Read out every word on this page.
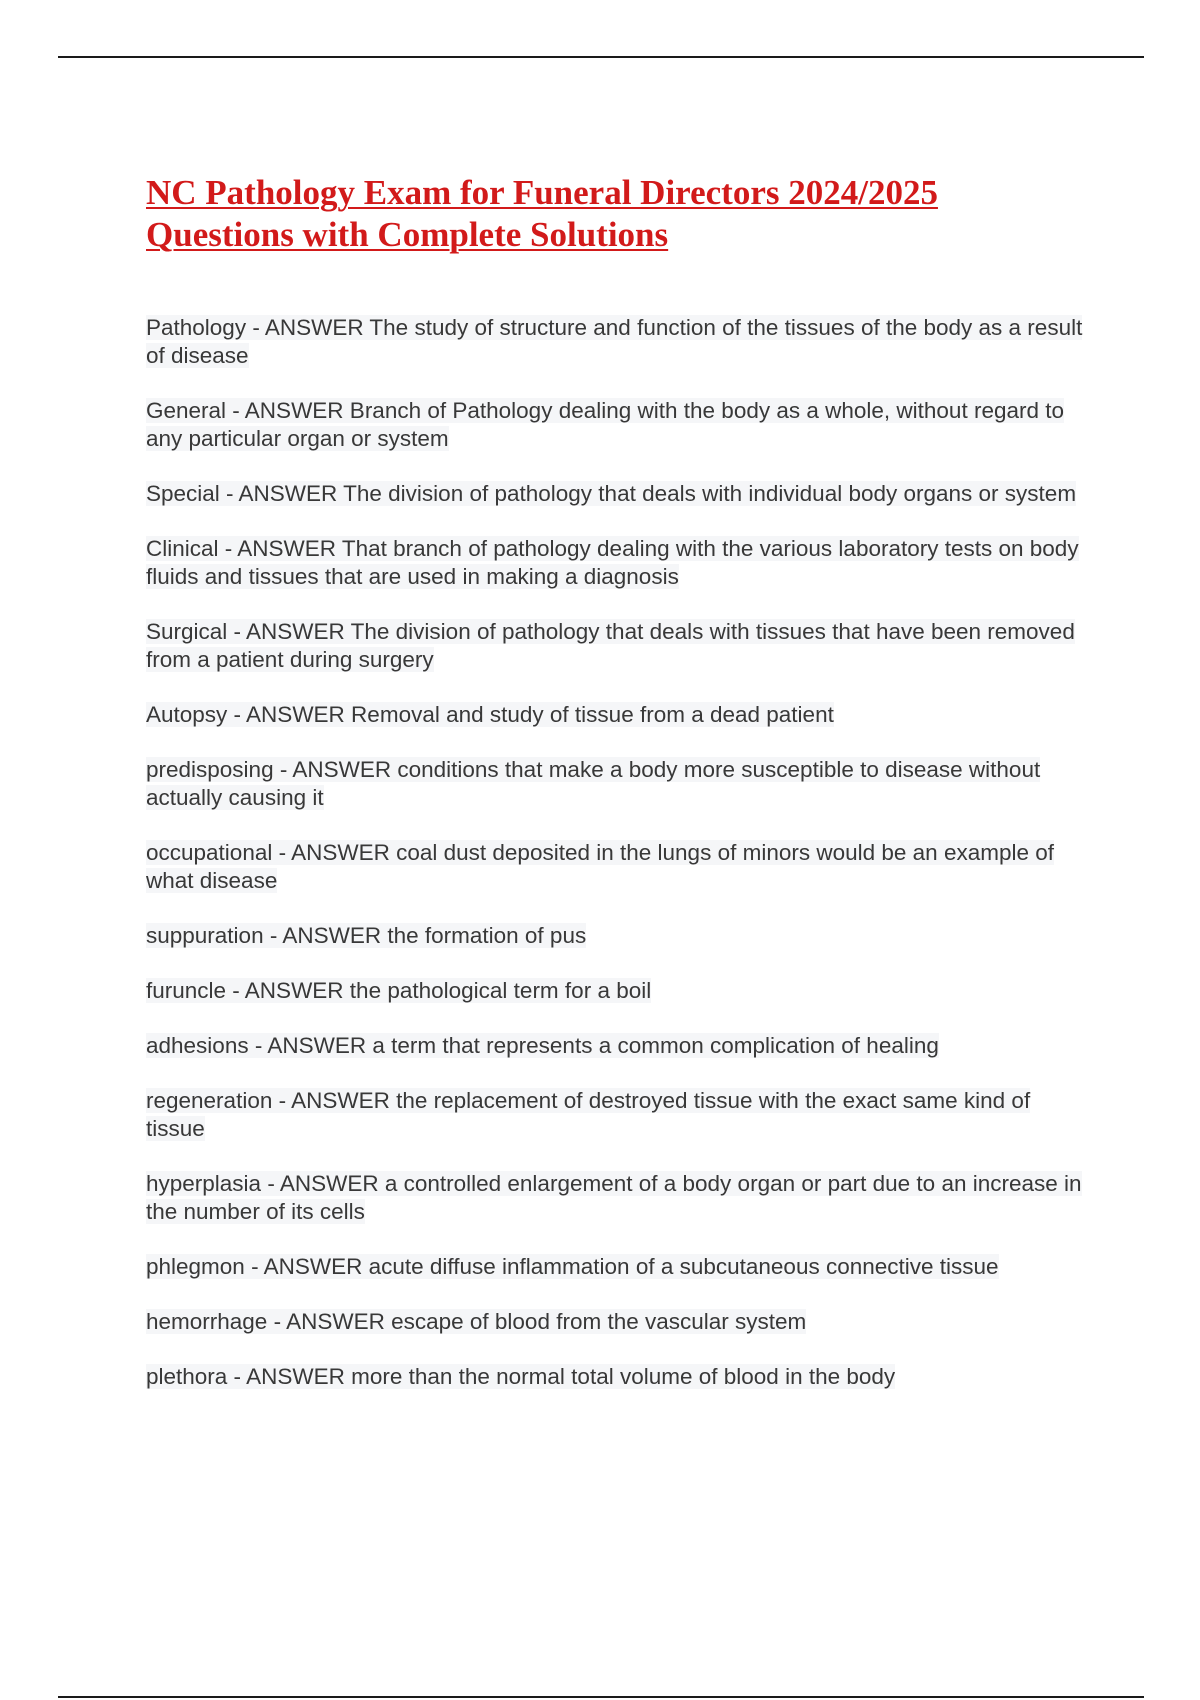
NC Pathology Exam for Funeral Directors 2024/2025 Questions with Complete Solutions
Pathology - ANSWER The study of structure and function of the tissues of the body as a result of disease
General - ANSWER Branch of Pathology dealing with the body as a whole, without regard to any particular organ or system
Special - ANSWER The division of pathology that deals with individual body organs or system
Clinical - ANSWER That branch of pathology dealing with the various laboratory tests on body fluids and tissues that are used in making a diagnosis
Surgical - ANSWER The division of pathology that deals with tissues that have been removed from a patient during surgery
Autopsy - ANSWER Removal and study of tissue from a dead patient
predisposing - ANSWER conditions that make a body more susceptible to disease without actually causing it
occupational - ANSWER coal dust deposited in the lungs of minors would be an example of what disease
suppuration - ANSWER the formation of pus
furuncle - ANSWER the pathological term for a boil
adhesions - ANSWER a term that represents a common complication of healing
regeneration - ANSWER the replacement of destroyed tissue with the exact same kind of tissue
hyperplasia - ANSWER a controlled enlargement of a body organ or part due to an increase in the number of its cells
phlegmon - ANSWER acute diffuse inflammation of a subcutaneous connective tissue
hemorrhage - ANSWER escape of blood from the vascular system
plethora - ANSWER more than the normal total volume of blood in the body
